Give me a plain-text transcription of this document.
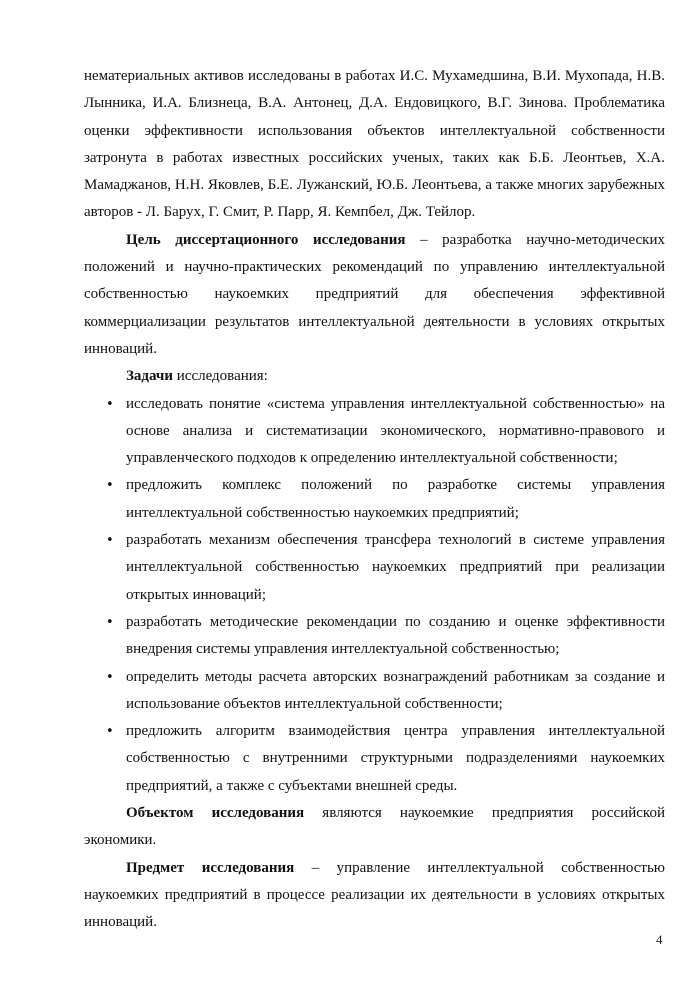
нематериальных активов исследованы в работах И.С. Мухамедшина, В.И. Мухопада, Н.В. Лынника, И.А. Близнеца, В.А. Антонец, Д.А. Ендовицкого, В.Г. Зинова. Проблематика оценки эффективности использования объектов интеллектуальной собственности затронута в работах известных российских ученых, таких как Б.Б. Леонтьев, Х.А. Мамаджанов, Н.Н. Яковлев, Б.Е. Лужанский, Ю.Б. Леонтьева, а также многих зарубежных авторов - Л. Барух, Г. Смит, Р. Парр, Я. Кемпбел, Дж. Тейлор.

Цель диссертационного исследования – разработка научно-методических положений и научно-практических рекомендаций по управлению интеллектуальной собственностью наукоемких предприятий для обеспечения эффективной коммерциализации результатов интеллектуальной деятельности в условиях открытых инноваций.

Задачи исследования:

• исследовать понятие «система управления интеллектуальной собственностью» на основе анализа и систематизации экономического, нормативно-правового и управленческого подходов к определению интеллектуальной собственности;
• предложить комплекс положений по разработке системы управления интеллектуальной собственностью наукоемких предприятий;
• разработать механизм обеспечения трансфера технологий в системе управления интеллектуальной собственностью наукоемких предприятий при реализации открытых инноваций;
• разработать методические рекомендации по созданию и оценке эффективности внедрения системы управления интеллектуальной собственностью;
• определить методы расчета авторских вознаграждений работникам за создание и использование объектов интеллектуальной собственности;
• предложить алгоритм взаимодействия центра управления интеллектуальной собственностью с внутренними структурными подразделениями наукоемких предприятий, а также с субъектами внешней среды.

Объектом исследования являются наукоемкие предприятия российской экономики.

Предмет исследования – управление интеллектуальной собственностью наукоемких предприятий в процессе реализации их деятельности в условиях открытых инноваций.

4
